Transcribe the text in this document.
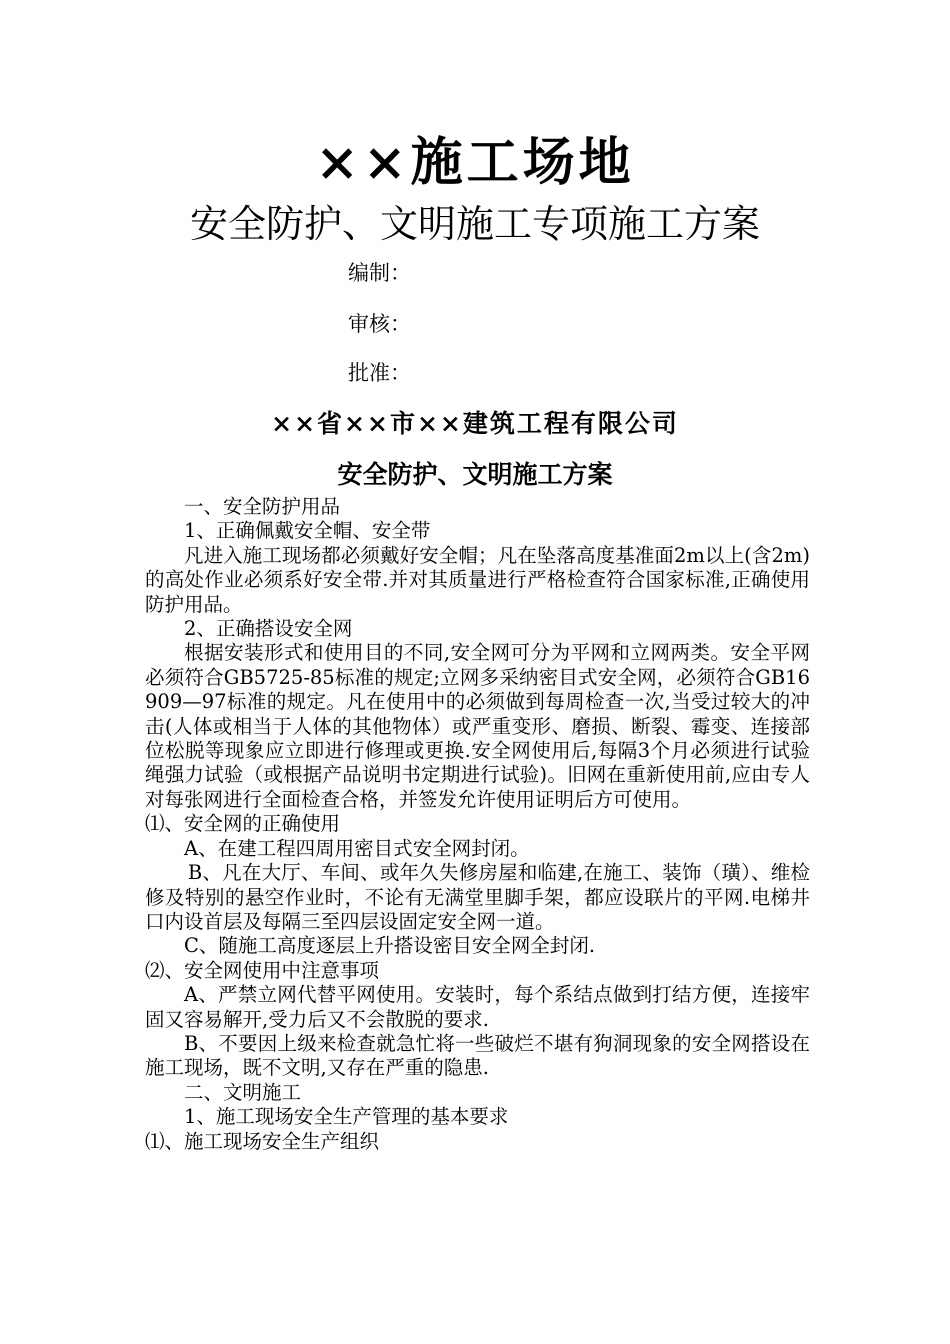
××施工场地
安全防护、文明施工专项施工方案
编制：
审核：
批准：
××省××市××建筑工程有限公司
安全防护、文明施工方案

一、安全防护用品

1、正确佩戴安全帽、安全带

凡进入施工现场都必须戴好安全帽；凡在坠落高度基准面2m以上(含2m) 的高处作业必须系好安全带.并对其质量进行严格检查符合国家标准,正确使用防护用品。

2、正确搭设安全网

根据安装形式和使用目的不同,安全网可分为平网和立网两类。安全平网必须符合GB5725-85标准的规定;立网多采纳密目式安全网，必须符合GB16909—97标准的规定。凡在使用中的必须做到每周检查一次,当受过较大的冲击(人体或相当于人体的其他物体）或严重变形、磨损、断裂、霉变、连接部位松脱等现象应立即进行修理或更换.安全网使用后,每隔3个月必须进行试验绳强力试验（或根据产品说明书定期进行试验)。旧网在重新使用前,应由专人对每张网进行全面检查合格，并签发允许使用证明后方可使用。

⑴、安全网的正确使用

A、在建工程四周用密目式安全网封闭。

B、凡在大厅、车间、或年久失修房屋和临建,在施工、装饰（璜）、维检修及特别的悬空作业时，不论有无满堂里脚手架，都应设联片的平网.电梯井口内设首层及每隔三至四层设固定安全网一道。

C、随施工高度逐层上升搭设密目安全网全封闭.

⑵、安全网使用中注意事项

A、严禁立网代替平网使用。安装时，每个系结点做到打结方便，连接牢固又容易解开,受力后又不会散脱的要求.

B、不要因上级来检查就急忙将一些破烂不堪有狗洞现象的安全网搭设在施工现场，既不文明,又存在严重的隐患.

二、文明施工

1、施工现场安全生产管理的基本要求

⑴、施工现场安全生产组织
